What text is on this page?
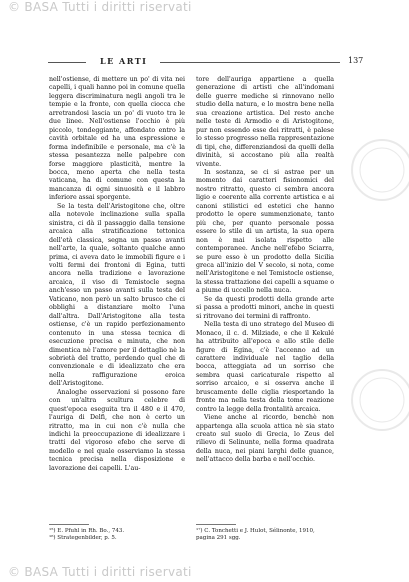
© BASA Tutti i diritti riservati
LE ARTI	137

nell'ostiense, di mettere un po' di vita nei capelli, i quali hanno poi in comune quella leggera discriminatura negli angoli tra le tempie e la fronte, con quella ciocca che arretrandosi lascia un po' di vuoto tra le due linee. Nell'ostiense l'occhio è più piccolo, tondeggiante, affondato entro la cavità orbitale ed ha una espressione e forma indefinibile e personale, ma c'è la stessa pesantezza nelle palpebre con forse maggiore plasticità, mentre la bocca, meno aperta che nella testa vaticana, ha di comune con questa la mancanza di ogni sinuosità e il labbro inferiore assai sporgente.

Se la testa dell'Aristogitone che, oltre alla notevole inclinazione sulla spalla sinistra, ci dà il passaggio dalla tensione arcaica alla stratificazione tettonica dell'età classica, segna un passo avanti nell'arte, la quale, soltanto qualche anno prima, ci aveva dato le immobili figure e i volti fermi dei frontoni di Egina, tutti ancora nella tradizione e lavorazione arcaica, il viso di Temistocle segna anch'esso un passo avanti sulla testa del Vaticano, non però un salto brusco che ci obblighi a distanziare molto l'una dall'altra. Dall'Aristogitone alla testa ostiense, c'è un rapido perfezionamento contenuto in una stessa tecnica di esecuzione precisa e minuta, che non dimentica nè l'amore per il dettaglio nè la sobrietà del tratto, perdendo quel che di convenzionale e di idealizzato che era nella raffigurazione eroica dell'Aristogitone.

Analoghe osservazioni si possono fare con un'altra scultura celebre di quest'epoca eseguita tra il 480 e il 470, l'auriga di Delfi, che non è certo un ritratto, ma in cui non c'è nulla che indichi la preoccupazione di idealizzare i tratti del vigoroso efebo che serve di modello e nel quale osserviamo la stessa tecnica precisa nella disposizione e lavorazione dei capelli. L'au-

tore dell'auriga appartiene a quella generazione di artisti che all'indomani delle guerre mediche si rinnovano nello studio della natura, e lo mostra bene nella sua creazione artistica. Del resto anche nelle teste di Armodio e di Aristogitone, pur non essendo esse dei ritratti, è palese lo stesso progresso nella rappresentazione di tipi, che, differenziandosi da quelli della divinità, si accostano più alla realtà vivente.

In sostanza, se ci si astrae per un momento dai caratteri fisionomici del nostro ritratto, questo ci sembra ancora ligio e coerente alla corrente artistica e ai canoni stilistici ed estetici che hanno prodotto le opere summenzionate, tanto più che, per quanto personale possa essere lo stile di un artista, la sua opera non è mai isolata rispetto alle contemporanee. Anche nell'efebo Sciarra, se pure esso è un prodotto della Sicilia greca all'inizio del V secolo, si nota, come nell'Aristogitone e nel Temistocle ostiense, la stessa trattazione dei capelli a squame o a piume di uccello nella nuca.

Se da questi prodotti della grande arte si passa a prodotti minori, anche in questi si ritrovano dei termini di raffronto.

Nella testa di uno stratego del Museo di Monaco, il c. d. Milziade, e che il Kekulé ha attribuito all'epoca e allo stile delle figure di Egina, c'è l'accenno ad un carattere individuale nel taglio della bocca, atteggiata ad un sorriso che sembra quasi caricaturale rispetto al sorriso arcaico, e si osserva anche il bruscamente delle ciglia riesportando la fronte ma nella testa della tome reazione contro la legge della frontalità arcaica.

Viene anche al ricordo, benchè non appartenga alla scuola attica nè sia stato creato sul suolo di Grecia, lo Zeus del rilievo di Selinunte, nella forma quadrata della nuca, nei piani larghi delle guance, nell'attacco della barba e nell'occhio.

¹⁵) E. Pfuhl in Rh. Bo., 743.
¹⁶) Strategenbilder, p. 5.
¹⁷) C. Tonchetti e J. Hulot, Sélinonte, 1910, pagina 291 sgg.
© BASA Tutti i diritti riservati
